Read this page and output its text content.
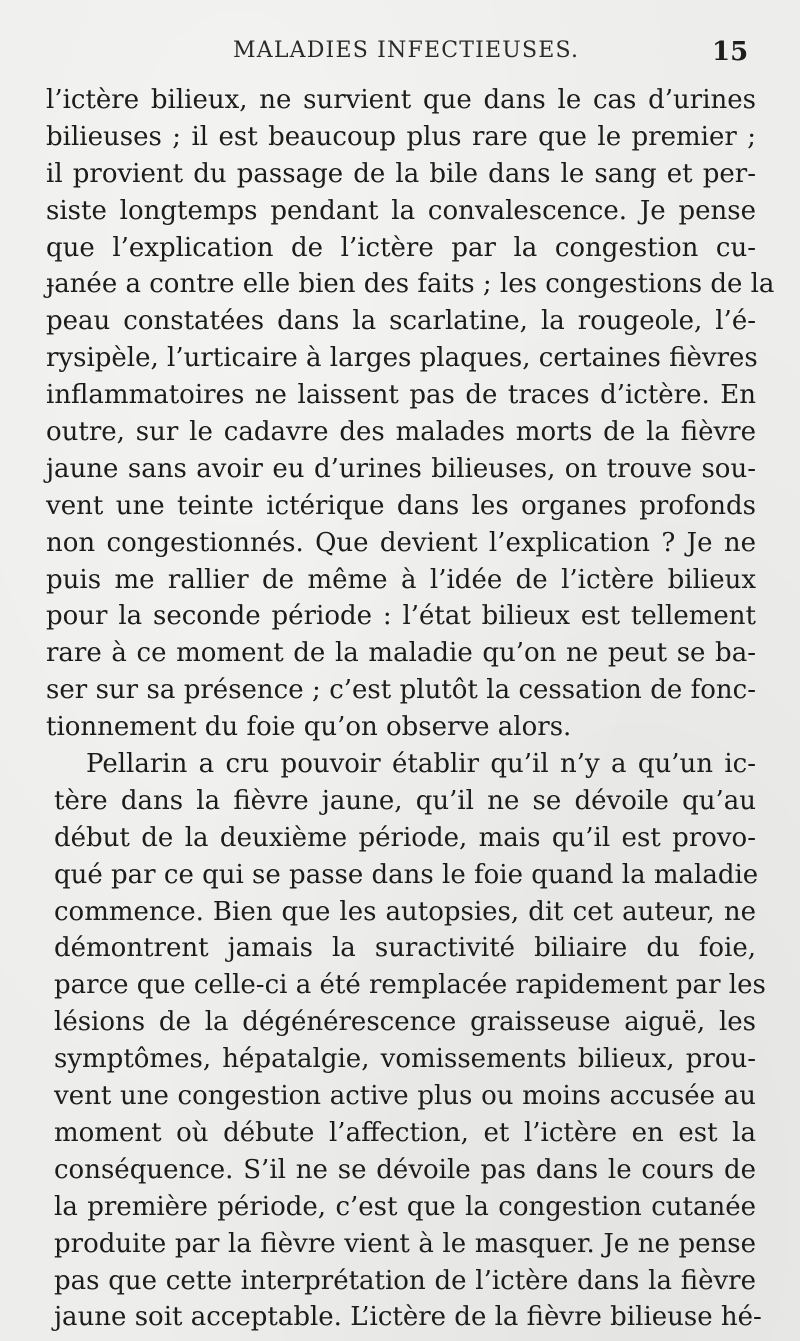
MALADIES INFECTIEUSES.	15
l’ictère bilieux, ne survient que dans le cas d’urines
bilieuses ; il est beaucoup plus rare que le premier ;
il provient du passage de la bile dans le sang et per-
siste longtemps pendant la convalescence. Je pense
que l’explication de l’ictère par la congestion cu-
ɟanée a contre elle bien des faits ; les congestions de la
peau constatées dans la scarlatine, la rougeole, l’é-
rysipèle, l’urticaire à larges plaques, certaines fièvres
inflammatoires ne laissent pas de traces d’ictère. En
outre, sur le cadavre des malades morts de la fièvre
jaune sans avoir eu d’urines bilieuses, on trouve sou-
vent une teinte ictérique dans les organes profonds
non congestionnés. Que devient l’explication ? Je ne
puis me rallier de même à l’idée de l’ictère bilieux
pour la seconde période : l’état bilieux est tellement
rare à ce moment de la maladie qu’on ne peut se ba-
ser sur sa présence ; c’est plutôt la cessation de fonc-
tionnement du foie qu’on observe alors.
Pellarin a cru pouvoir établir qu’il n’y a qu’un ic-
tère dans la fièvre jaune, qu’il ne se dévoile qu’au
début de la deuxième période, mais qu’il est provo-
qué par ce qui se passe dans le foie quand la maladie
commence. Bien que les autopsies, dit cet auteur, ne
démontrent jamais la suractivité biliaire du foie,
parce que celle-ci a été remplacée rapidement par les
lésions de la dégénérescence graisseuse aiguë, les
symptômes, hépatalgie, vomissements bilieux, prou-
vent une congestion active plus ou moins accusée au
moment où débute l’affection, et l’ictère en est la
conséquence. S’il ne se dévoile pas dans le cours de
la première période, c’est que la congestion cutanée
produite par la fièvre vient à le masquer. Je ne pense
pas que cette interprétation de l’ictère dans la fièvre
jaune soit acceptable. L’ictère de la fièvre bilieuse hé-
